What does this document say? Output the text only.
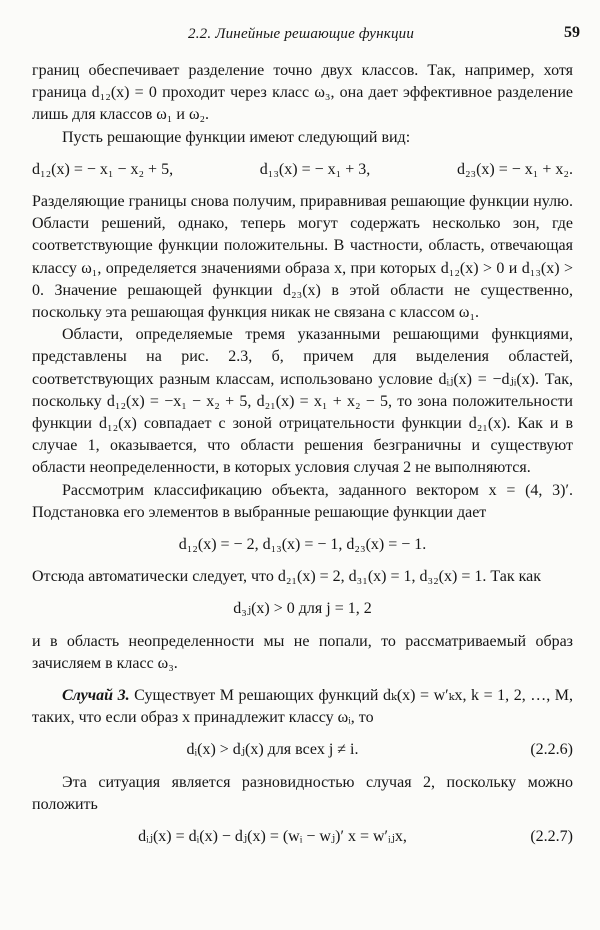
2.2. Линейные решающие функции	59

границ обеспечивает разделение точно двух классов. Так, например, хотя граница d₁₂(x) = 0 проходит через класс ω₃, она дает эффективное разделение лишь для классов ω₁ и ω₂.

Пусть решающие функции имеют следующий вид:

d₁₂(x) = − x₁ − x₂ + 5,	d₁₃(x) = − x₁ + 3,	d₂₃(x) = − x₁ + x₂.

Разделяющие границы снова получим, приравнивая решающие функции нулю. Области решений, однако, теперь могут содержать несколько зон, где соответствующие функции положительны. В частности, область, отвечающая классу ω₁, определяется значениями образа x, при которых d₁₂(x) > 0 и d₁₃(x) > 0. Значение решающей функции d₂₃(x) в этой области не существенно, поскольку эта решающая функция никак не связана с классом ω₁.

Области, определяемые тремя указанными решающими функциями, представлены на рис. 2.3, б, причем для выделения областей, соответствующих разным классам, использовано условие dᵢⱼ(x) = −dⱼᵢ(x). Так, поскольку d₁₂(x) = −x₁ − x₂ + 5, d₂₁(x) = x₁ + x₂ − 5, то зона положительности функции d₁₂(x) совпадает с зоной отрицательности функции d₂₁(x). Как и в случае 1, оказывается, что области решения безграничны и существуют области неопределенности, в которых условия случая 2 не выполняются.

Рассмотрим классификацию объекта, заданного вектором x = (4, 3)′. Подстановка его элементов в выбранные решающие функции дает

d₁₂(x) = − 2, d₁₃(x) = − 1, d₂₃(x) = − 1.

Отсюда автоматически следует, что d₂₁(x) = 2, d₃₁(x) = 1, d₃₂(x) = 1. Так как

d₃ⱼ(x) > 0 для j = 1, 2

и в область неопределенности мы не попали, то рассматриваемый образ зачисляем в класс ω₃.

Случай 3. Существует M решающих функций dₖ(x) = w′ₖx, k = 1, 2, …, M, таких, что если образ x принадлежит классу ωᵢ, то

dᵢ(x) > dⱼ(x) для всех j ≠ i.	(2.2.6)

Эта ситуация является разновидностью случая 2, поскольку можно положить

dᵢⱼ(x) = dᵢ(x) − dⱼ(x) = (wᵢ − wⱼ)′ x = w′ᵢⱼx,	(2.2.7)
